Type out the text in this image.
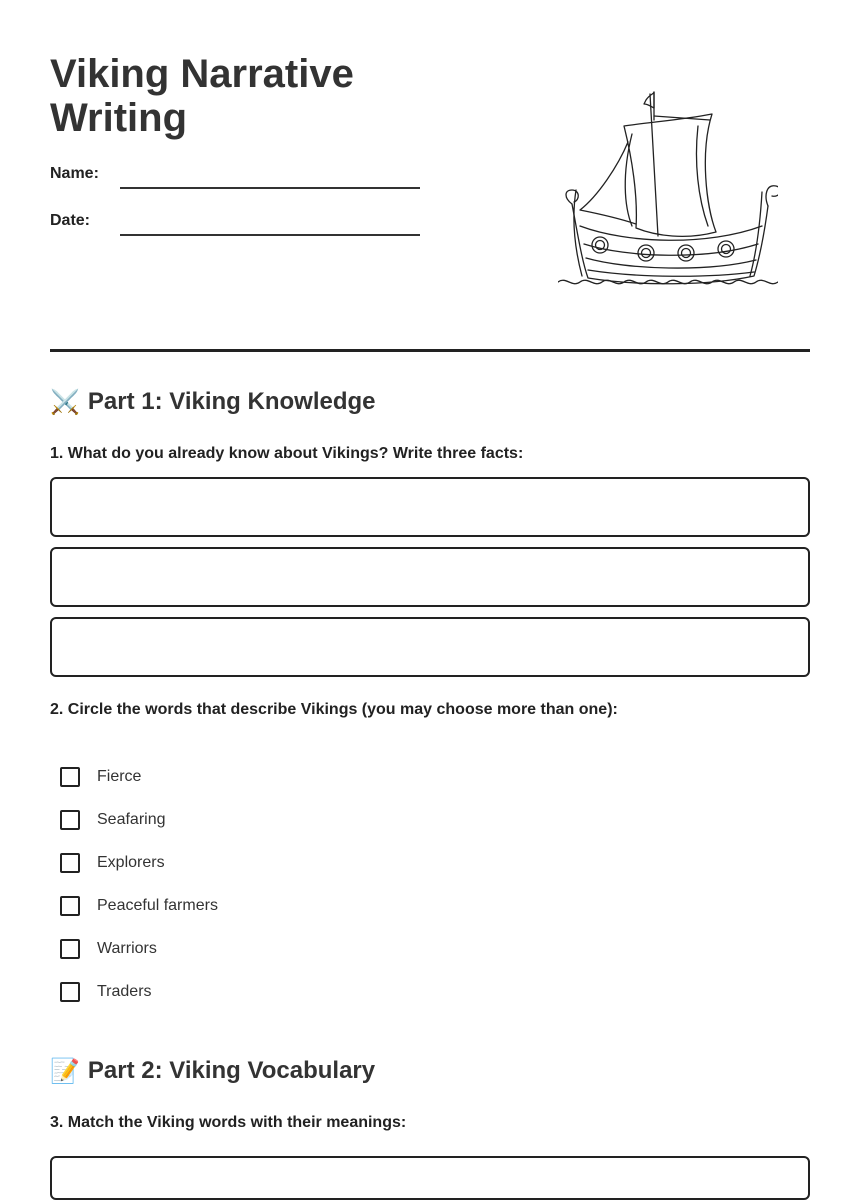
Viking Narrative Writing
Name:
Date:
⚔️ Part 1: Viking Knowledge
1. What do you already know about Vikings? Write three facts:
2. Circle the words that describe Vikings (you may choose more than one):
Fierce
Seafaring
Explorers
Peaceful farmers
Warriors
Traders
📝 Part 2: Viking Vocabulary
3. Match the Viking words with their meanings:
